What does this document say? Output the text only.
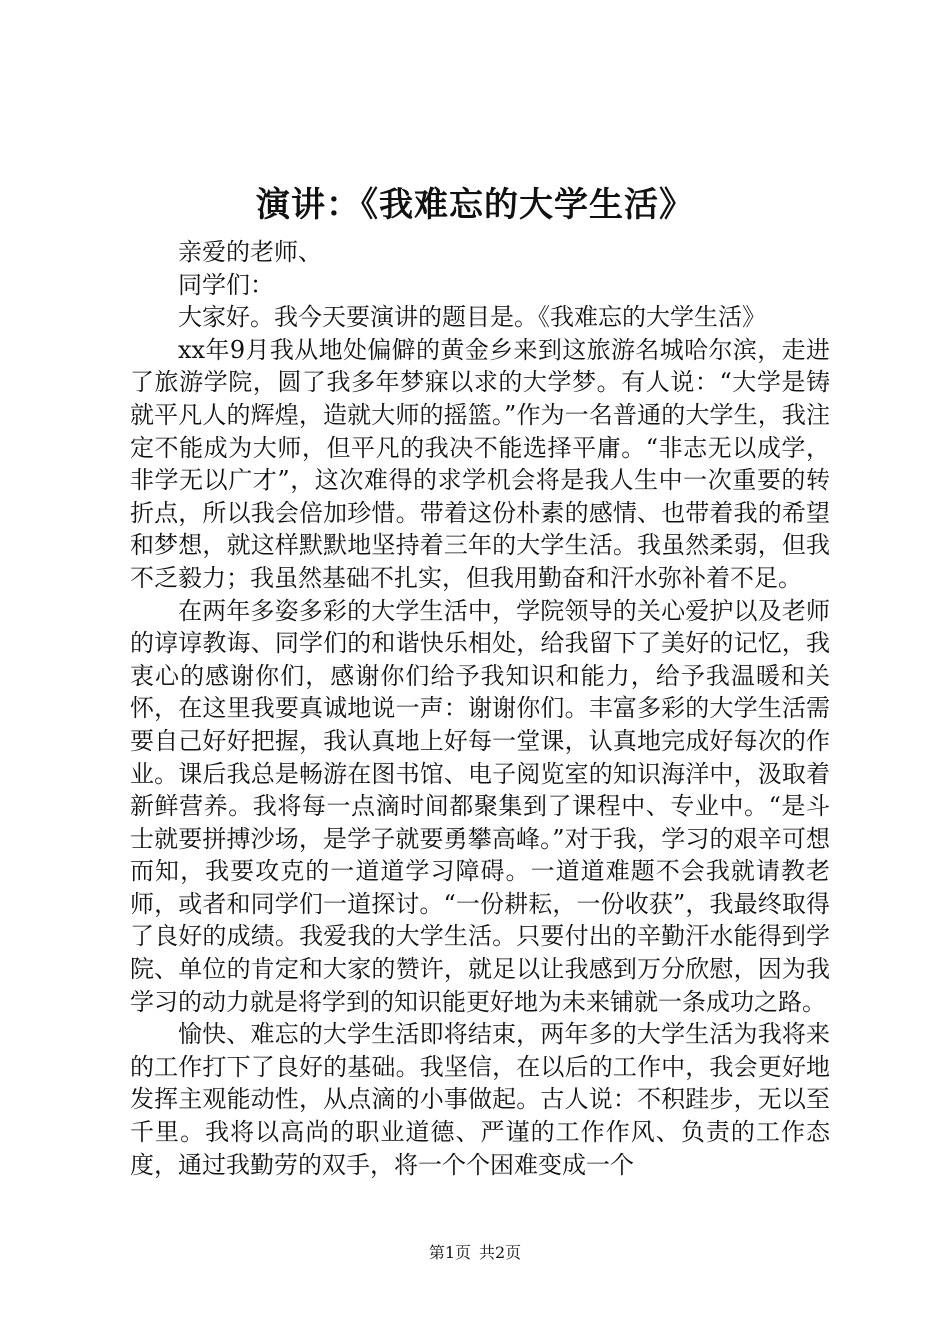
演讲：《我难忘的大学生活》

亲爱的老师、

同学们：

大家好。我今天要演讲的题目是。《我难忘的大学生活》

xx年9月我从地处偏僻的黄金乡来到这旅游名城哈尔滨，走进了旅游学院，圆了我多年梦寐以求的大学梦。有人说：“大学是铸就平凡人的辉煌，造就大师的摇篮。”作为一名普通的大学生，我注定不能成为大师，但平凡的我决不能选择平庸。“非志无以成学，非学无以广才”，这次难得的求学机会将是我人生中一次重要的转折点，所以我会倍加珍惜。带着这份朴素的感情、也带着我的希望和梦想，就这样默默地坚持着三年的大学生活。我虽然柔弱，但我不乏毅力；我虽然基础不扎实，但我用勤奋和汗水弥补着不足。

在两年多姿多彩的大学生活中，学院领导的关心爱护以及老师的谆谆教诲、同学们的和谐快乐相处，给我留下了美好的记忆，我衷心的感谢你们，感谢你们给予我知识和能力，给予我温暖和关怀，在这里我要真诚地说一声：谢谢你们。丰富多彩的大学生活需要自己好好把握，我认真地上好每一堂课，认真地完成好每次的作业。课后我总是畅游在图书馆、电子阅览室的知识海洋中，汲取着新鲜营养。我将每一点滴时间都聚集到了课程中、专业中。“是斗士就要拼搏沙场，是学子就要勇攀高峰。”对于我，学习的艰辛可想而知，我要攻克的一道道学习障碍。一道道难题不会我就请教老师，或者和同学们一道探讨。“一份耕耘，一份收获”，我最终取得了良好的成绩。我爱我的大学生活。只要付出的辛勤汗水能得到学院、单位的肯定和大家的赞许，就足以让我感到万分欣慰，因为我学习的动力就是将学到的知识能更好地为未来铺就一条成功之路。

愉快、难忘的大学生活即将结束，两年多的大学生活为我将来的工作打下了良好的基础。我坚信，在以后的工作中，我会更好地发挥主观能动性，从点滴的小事做起。古人说：不积跬步，无以至千里。我将以高尚的职业道德、严谨的工作作风、负责的工作态度，通过我勤劳的双手，将一个个困难变成一个

第1页 共2页
